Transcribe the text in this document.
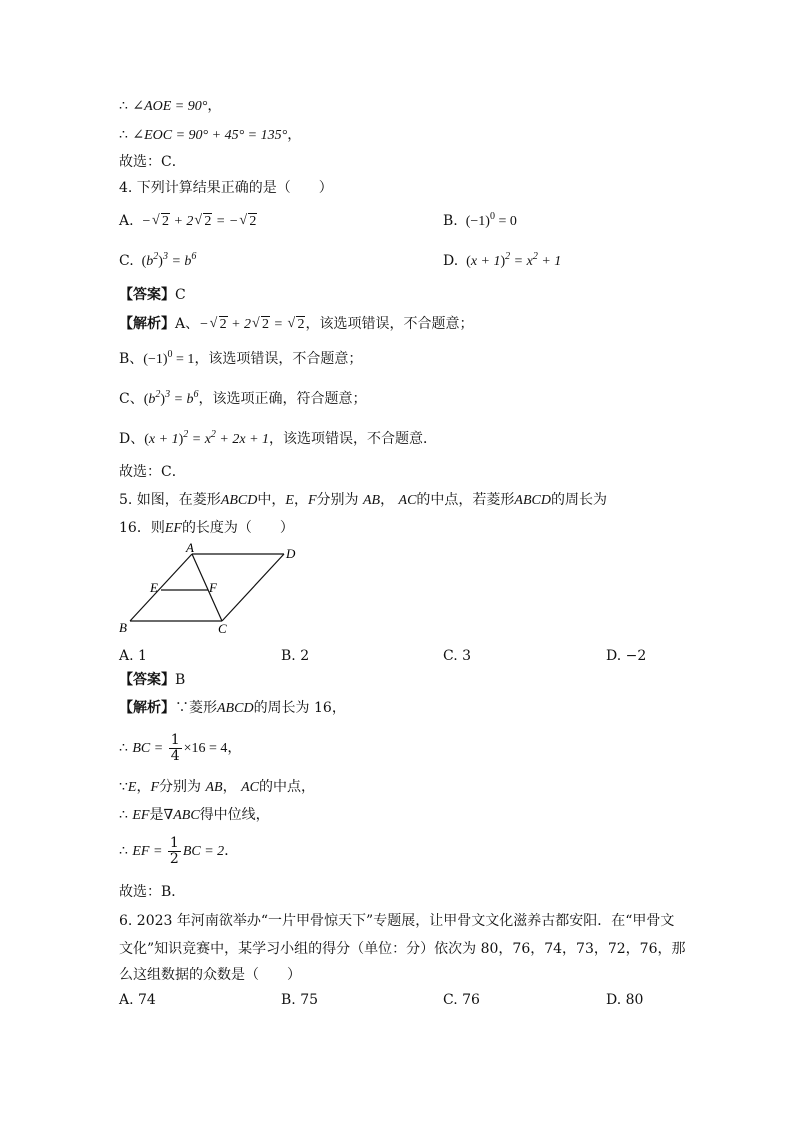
∴ ∠AOE = 90°，
∴ ∠EOC = 90° + 45° = 135°，
故选：C．
4. 下列计算结果正确的是（　　）
A.  − √ 2 + 2 √ 2 = − √ 2	B.  $(-1)^0 = 0$
C. $(b^2)^3 = b^6$	D. $(x + 1)^2 = x^2 + 1$
【答案】C
【解析】A、− √ 2 + 2 √ 2 = √ 2，该选项错误，不合题意；
B、$(-1)^0 = 1$，该选项错误，不合题意；
C、$(b^2)^3 = b^6$，该选项正确，符合题意；
D、$(x + 1)^2 = x^2 + 2x + 1$，该选项错误，不合题意．
故选：C．
5. 如图，在菱形ABCD中，E，F分别为 AB， AC的中点，若菱形ABCD的周长为
16．则EF的长度为（　　）
A	D
E	F
B	C
A. 1	B. 2	C. 3	D. −2
【答案】B
【解析】∵菱形ABCD的周长为 16，
∴ BC = $\frac{1}{4} \times 16 = 4$，
∵E，F分别为 AB， AC的中点，
∴ EF是∇ABC得中位线，
∴ EF = $\frac{1}{2}$ BC = 2．
故选：B．
6. 2023 年河南欲举办“一片甲骨惊天下”专题展，让甲骨文文化滋养古都安阳．在“甲骨文
文化”知识竞赛中，某学习小组的得分（单位：分）依次为 80，76，74，73，72，76，那
么这组数据的众数是（　　）
A. 74	B. 75	C. 76	D. 80
